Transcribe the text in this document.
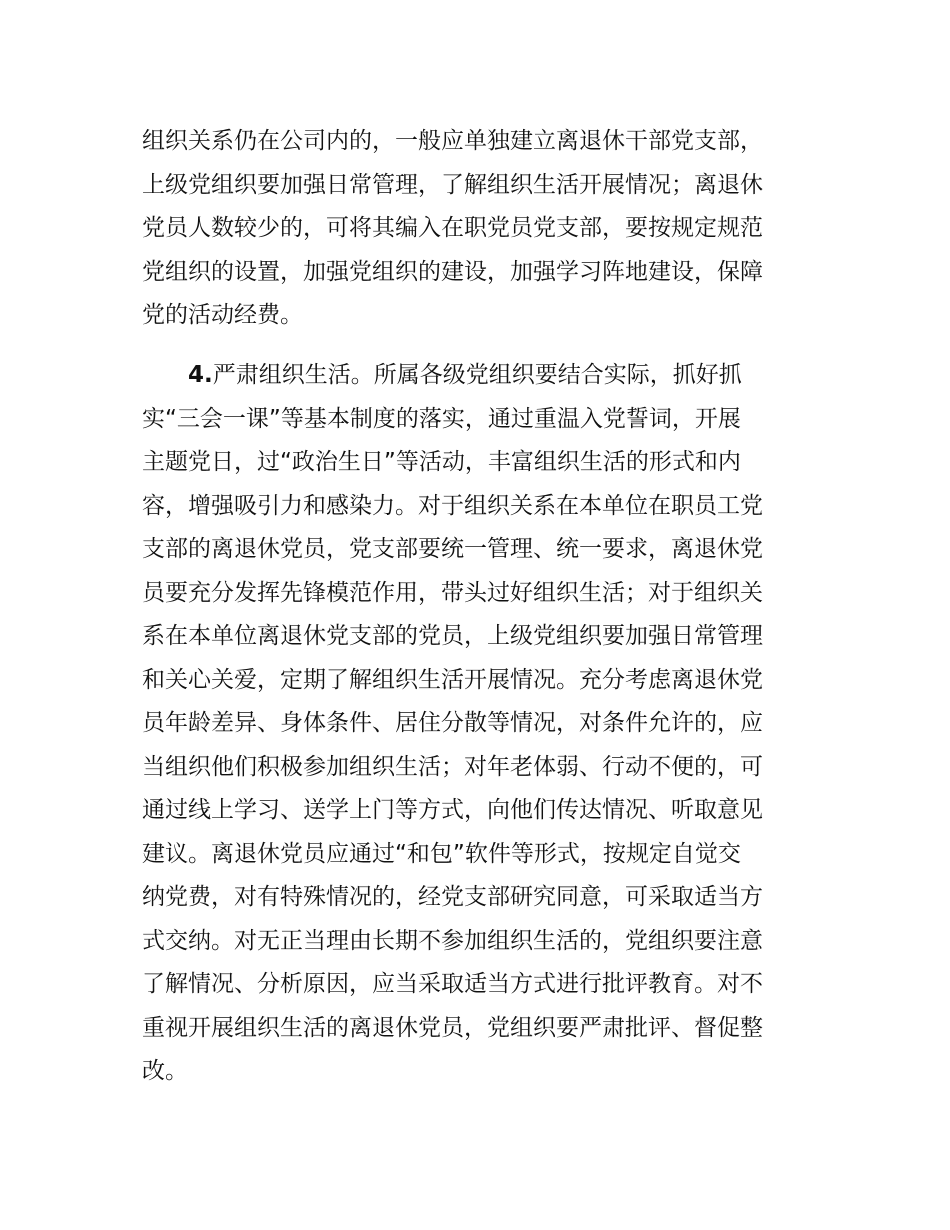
组织关系仍在公司内的，一般应单独建立离退休干部党支部，
上级党组织要加强日常管理，了解组织生活开展情况；离退休
党员人数较少的，可将其编入在职党员党支部，要按规定规范
党组织的设置，加强党组织的建设，加强学习阵地建设，保障
党的活动经费。
4.严肃组织生活。所属各级党组织要结合实际，抓好抓
实“三会一课”等基本制度的落实，通过重温入党誓词，开展
主题党日，过“政治生日”等活动，丰富组织生活的形式和内
容，增强吸引力和感染力。对于组织关系在本单位在职员工党
支部的离退休党员，党支部要统一管理、统一要求，离退休党
员要充分发挥先锋模范作用，带头过好组织生活；对于组织关
系在本单位离退休党支部的党员，上级党组织要加强日常管理
和关心关爱，定期了解组织生活开展情况。充分考虑离退休党
员年龄差异、身体条件、居住分散等情况，对条件允许的，应
当组织他们积极参加组织生活；对年老体弱、行动不便的，可
通过线上学习、送学上门等方式，向他们传达情况、听取意见
建议。离退休党员应通过“和包”软件等形式，按规定自觉交
纳党费，对有特殊情况的，经党支部研究同意，可采取适当方
式交纳。对无正当理由长期不参加组织生活的，党组织要注意
了解情况、分析原因，应当采取适当方式进行批评教育。对不
重视开展组织生活的离退休党员，党组织要严肃批评、督促整
改。
